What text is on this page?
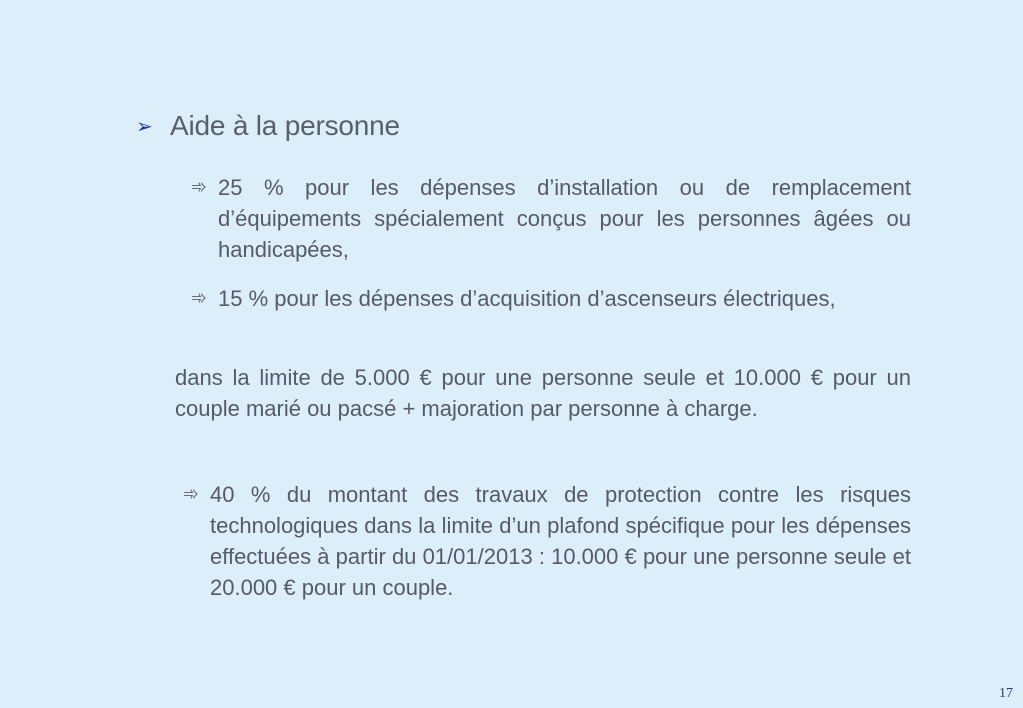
➢ Aide à la personne
➾ 25 % pour les dépenses d’installation ou de remplacement d’équipements spécialement conçus pour les personnes âgées ou handicapées,
➾ 15 % pour les dépenses d’acquisition d’ascenseurs électriques,
dans la limite de 5.000 € pour une personne seule et 10.000 € pour un couple marié ou pacsé + majoration par personne à charge.
➾ 40 % du montant des travaux de protection contre les risques technologiques dans la limite d’un plafond spécifique pour les dépenses effectuées à partir du 01/01/2013 : 10.000 € pour une personne seule et 20.000 € pour un couple.
17
